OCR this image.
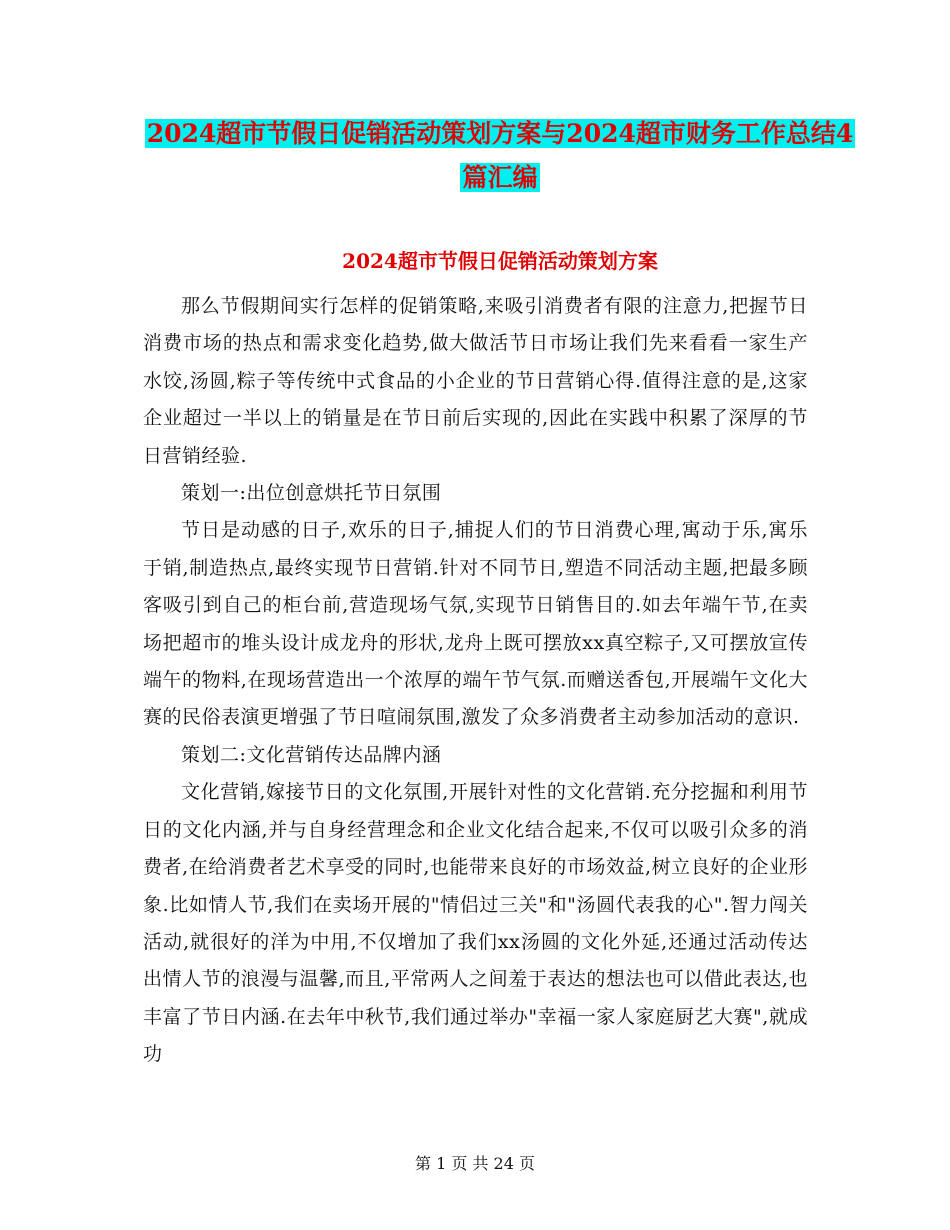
2024超市节假日促销活动策划方案与2024超市财务工作总结4篇汇编
2024超市节假日促销活动策划方案

那么节假期间实行怎样的促销策略,来吸引消费者有限的注意力,把握节日消费市场的热点和需求变化趋势,做大做活节日市场让我们先来看看一家生产水饺,汤圆,粽子等传统中式食品的小企业的节日营销心得.值得注意的是,这家企业超过一半以上的销量是在节日前后实现的,因此在实践中积累了深厚的节日营销经验.

策划一:出位创意烘托节日氛围

节日是动感的日子,欢乐的日子,捕捉人们的节日消费心理,寓动于乐,寓乐于销,制造热点,最终实现节日营销.针对不同节日,塑造不同活动主题,把最多顾客吸引到自己的柜台前,营造现场气氛,实现节日销售目的.如去年端午节,在卖场把超市的堆头设计成龙舟的形状,龙舟上既可摆放xx真空粽子,又可摆放宣传端午的物料,在现场营造出一个浓厚的端午节气氛.而赠送香包,开展端午文化大赛的民俗表演更增强了节日喧闹氛围,激发了众多消费者主动参加活动的意识.

策划二:文化营销传达品牌内涵

文化营销,嫁接节日的文化氛围,开展针对性的文化营销.充分挖掘和利用节日的文化内涵,并与自身经营理念和企业文化结合起来,不仅可以吸引众多的消费者,在给消费者艺术享受的同时,也能带来良好的市场效益,树立良好的企业形象.比如情人节,我们在卖场开展的"情侣过三关"和"汤圆代表我的心".智力闯关活动,就很好的洋为中用,不仅增加了我们xx汤圆的文化外延,还通过活动传达出情人节的浪漫与温馨,而且,平常两人之间羞于表达的想法也可以借此表达,也丰富了节日内涵.在去年中秋节,我们通过举办"幸福一家人家庭厨艺大赛",就成功

第 1 页 共 24 页
